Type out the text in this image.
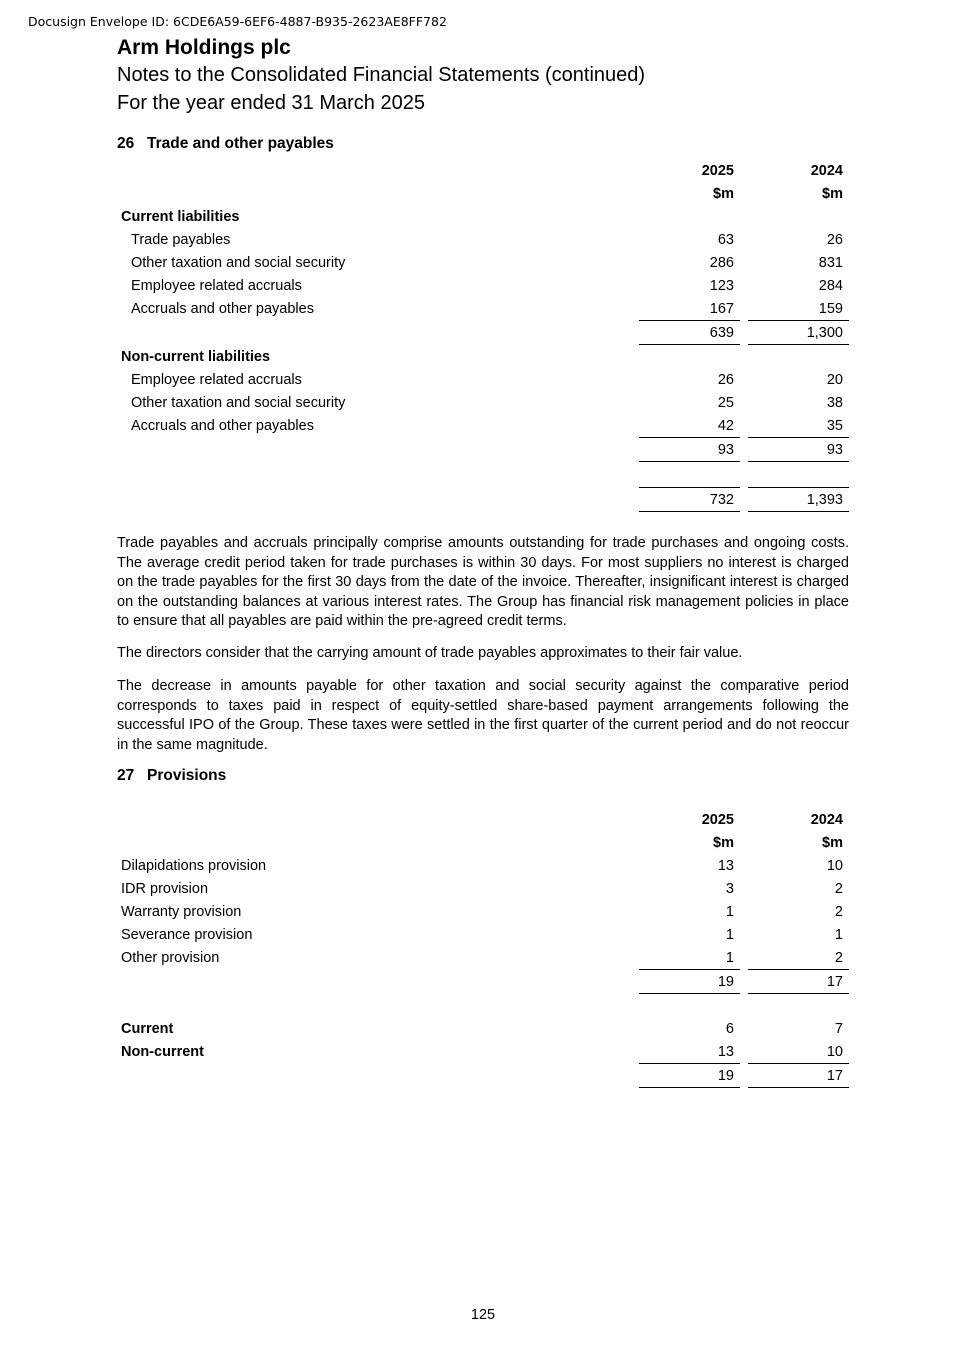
Docusign Envelope ID: 6CDE6A59-6EF6-4887-B935-2623AE8FF782
Arm Holdings plc
Notes to the Consolidated Financial Statements (continued)
For the year ended 31 March 2025
26 Trade and other payables
	2025		2024
	$m		$m
Current liabilities			
Trade payables	63		26
Other taxation and social security	286		831
Employee related accruals	123		284
Accruals and other payables	167		159
	639		1,300
Non-current liabilities			
Employee related accruals	26		20
Other taxation and social security	25		38
Accruals and other payables	42		35
	93		93

	732		1,393

Trade payables and accruals principally comprise amounts outstanding for trade purchases and ongoing costs. The average credit period taken for trade purchases is within 30 days. For most suppliers no interest is charged on the trade payables for the first 30 days from the date of the invoice. Thereafter, insignificant interest is charged on the outstanding balances at various interest rates. The Group has financial risk management policies in place to ensure that all payables are paid within the pre-agreed credit terms.

The directors consider that the carrying amount of trade payables approximates to their fair value.

The decrease in amounts payable for other taxation and social security against the comparative period corresponds to taxes paid in respect of equity-settled share-based payment arrangements following the successful IPO of the Group. These taxes were settled in the first quarter of the current period and do not reoccur in the same magnitude.

27 Provisions
	2025		2024
	$m		$m
Dilapidations provision	13		10
IDR provision	3		2
Warranty provision	1		2
Severance provision	1		1
Other provision	1		2
	19		17

Current	6		7
Non-current	13		10
	19		17
125
